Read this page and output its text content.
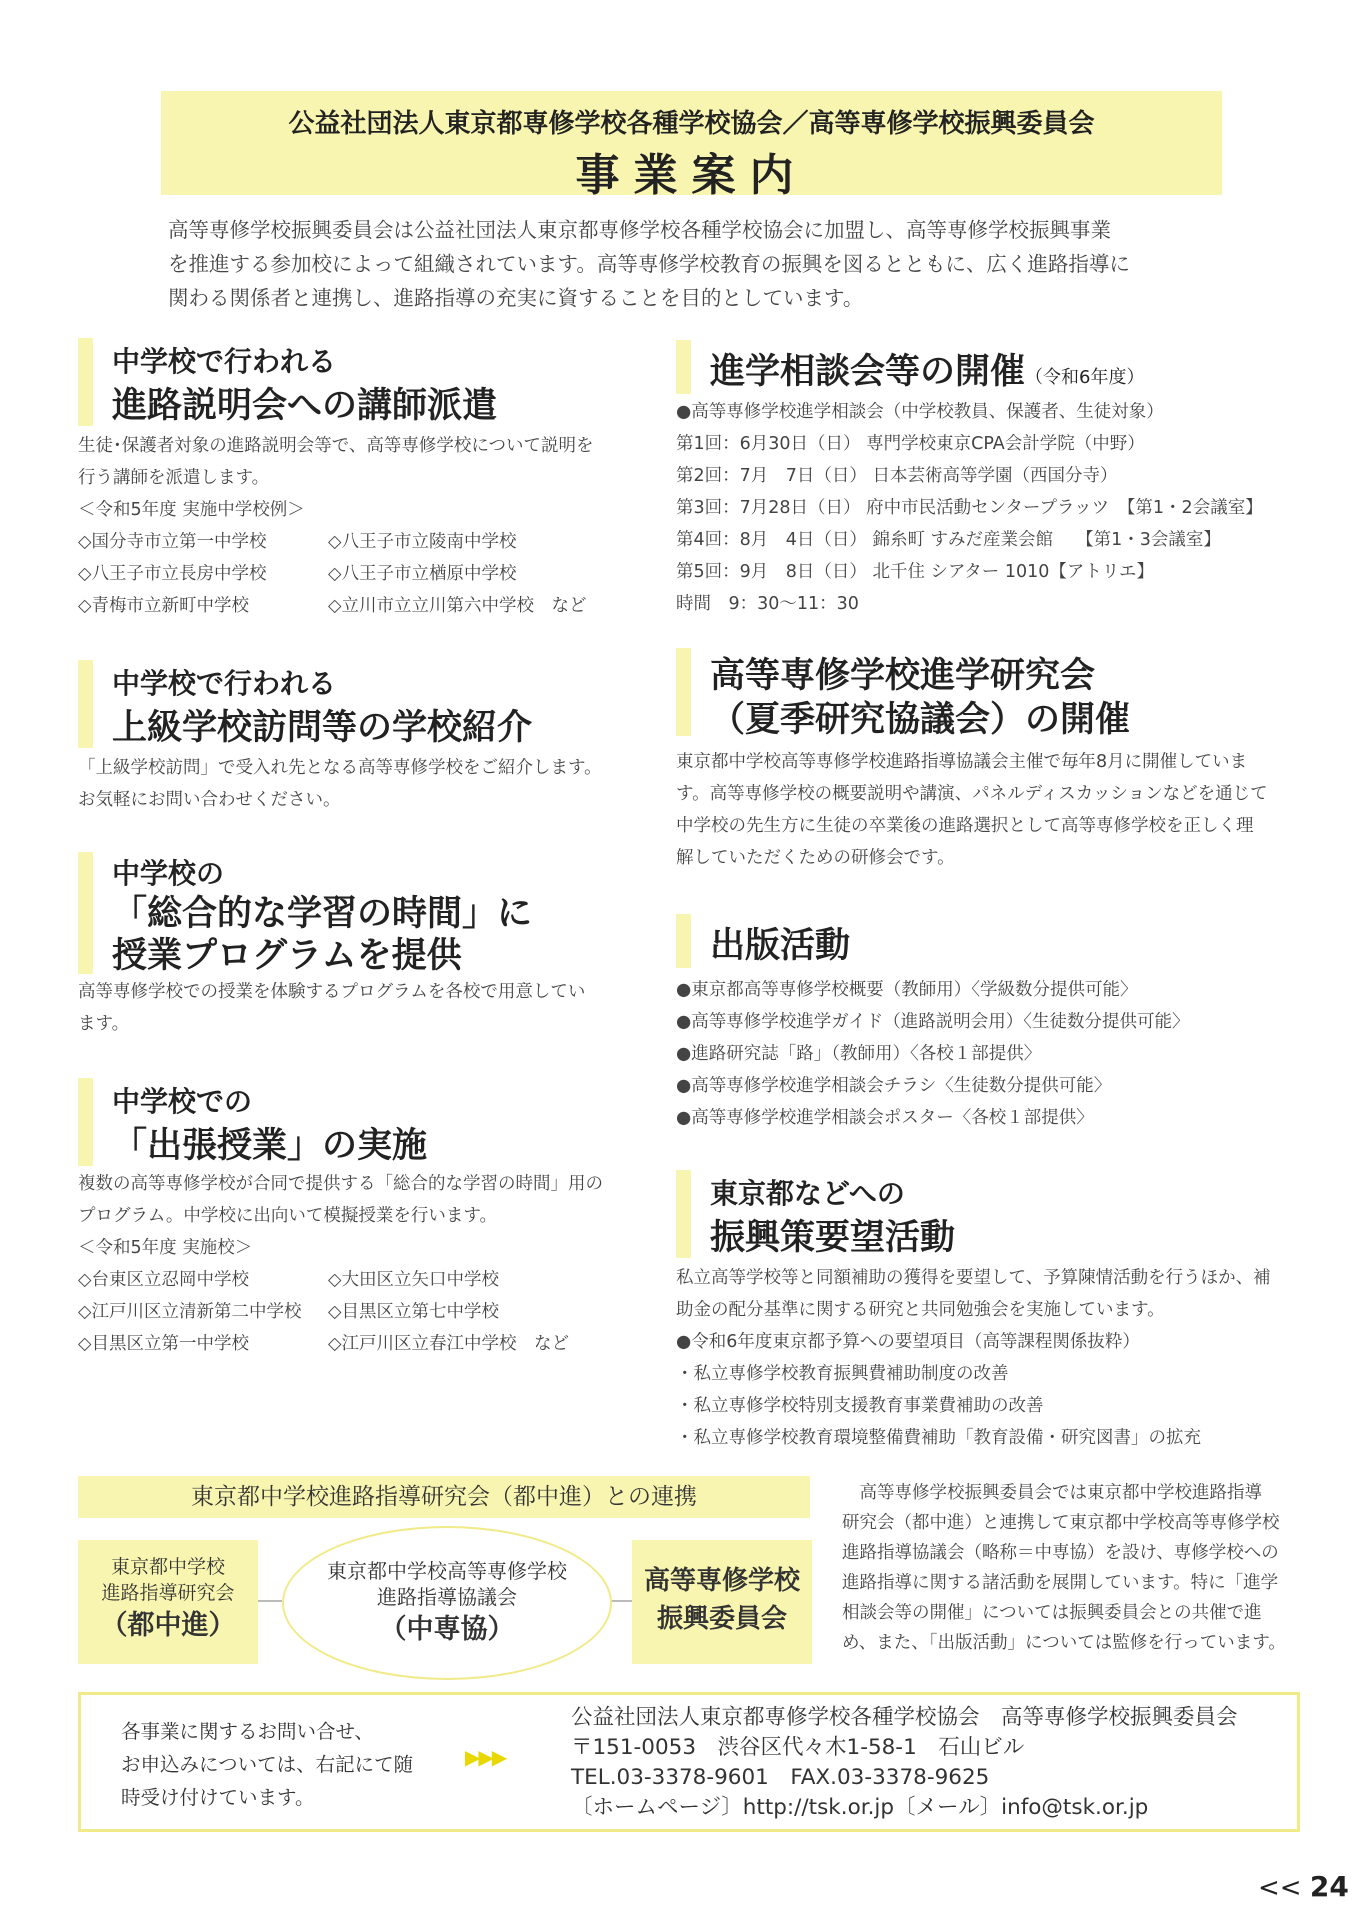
公益社団法人東京都専修学校各種学校協会／高等専修学校振興委員会
事業案内
高等専修学校振興委員会は公益社団法人東京都専修学校各種学校協会に加盟し、高等専修学校振興事業
を推進する参加校によって組織されています。高等専修学校教育の振興を図るとともに、広く進路指導に
関わる関係者と連携し、進路指導の充実に資することを目的としています。
中学校で行われる
進路説明会への講師派遣
生徒･保護者対象の進路説明会等で、高等専修学校について説明を
行う講師を派遣します。
＜令和5年度 実施中学校例＞
◇国分寺市立第一中学校	◇八王子市立陵南中学校
◇八王子市立長房中学校	◇八王子市立楢原中学校
◇青梅市立新町中学校	◇立川市立立川第六中学校　など
中学校で行われる
上級学校訪問等の学校紹介
「上級学校訪問」で受入れ先となる高等専修学校をご紹介します。
お気軽にお問い合わせください。
中学校の
「総合的な学習の時間」に
授業プログラムを提供
高等専修学校での授業を体験するプログラムを各校で用意してい
ます。
中学校での
「出張授業」の実施
複数の高等専修学校が合同で提供する「総合的な学習の時間」用の
プログラム。中学校に出向いて模擬授業を行います。
＜令和5年度 実施校＞
◇台東区立忍岡中学校	◇大田区立矢口中学校
◇江戸川区立清新第二中学校	◇目黒区立第七中学校
◇目黒区立第一中学校	◇江戸川区立春江中学校　など
進学相談会等の開催（令和6年度）
●高等専修学校進学相談会（中学校教員、保護者、生徒対象）
第1回：6月30日（日） 専門学校東京CPA会計学院（中野）
第2回：7月　7日（日） 日本芸術高等学園（西国分寺）
第3回：7月28日（日） 府中市民活動センタープラッツ　【第1・2会議室】
第4回：8月　4日（日） 錦糸町 すみだ産業会館　 【第1・3会議室】
第5回：9月　8日（日） 北千住 シアター 1010【アトリエ】
時間　9：30～11：30
高等専修学校進学研究会
（夏季研究協議会）の開催
東京都中学校高等専修学校進路指導協議会主催で毎年8月に開催していま
す。高等専修学校の概要説明や講演、パネルディスカッションなどを通じて
中学校の先生方に生徒の卒業後の進路選択として高等専修学校を正しく理
解していただくための研修会です。
出版活動
●東京都高等専修学校概要（教師用）〈学級数分提供可能〉
●高等専修学校進学ガイド（進路説明会用）〈生徒数分提供可能〉
●進路研究誌「路」（教師用）〈各校１部提供〉
●高等専修学校進学相談会チラシ〈生徒数分提供可能〉
●高等専修学校進学相談会ポスター〈各校１部提供〉
東京都などへの
振興策要望活動
私立高等学校等と同額補助の獲得を要望して、予算陳情活動を行うほか、補
助金の配分基準に関する研究と共同勉強会を実施しています。
●令和6年度東京都予算への要望項目（高等課程関係抜粋）
・私立専修学校教育振興費補助制度の改善
・私立専修学校特別支援教育事業費補助の改善
・私立専修学校教育環境整備費補助「教育設備・研究図書」の拡充
東京都中学校進路指導研究会（都中進）との連携
東京都中学校
進路指導研究会
（都中進）
東京都中学校高等専修学校
進路指導協議会
（中専協）
高等専修学校
振興委員会
　高等専修学校振興委員会では東京都中学校進路指導
研究会（都中進）と連携して東京都中学校高等専修学校
進路指導協議会（略称＝中専協）を設け、専修学校への
進路指導に関する諸活動を展開しています。特に「進学
相談会等の開催」については振興委員会との共催で進
め、また、「出版活動」については監修を行っています。
各事業に関するお問い合せ、
お申込みについては、右記にて随
時受け付けています。
▶▶▶
公益社団法人東京都専修学校各種学校協会　高等専修学校振興委員会
〒151-0053　渋谷区代々木1-58-1　石山ビル
TEL.03-3378-9601　FAX.03-3378-9625
〔ホームページ〕http://tsk.or.jp〔メール〕info@tsk.or.jp
<< 24
